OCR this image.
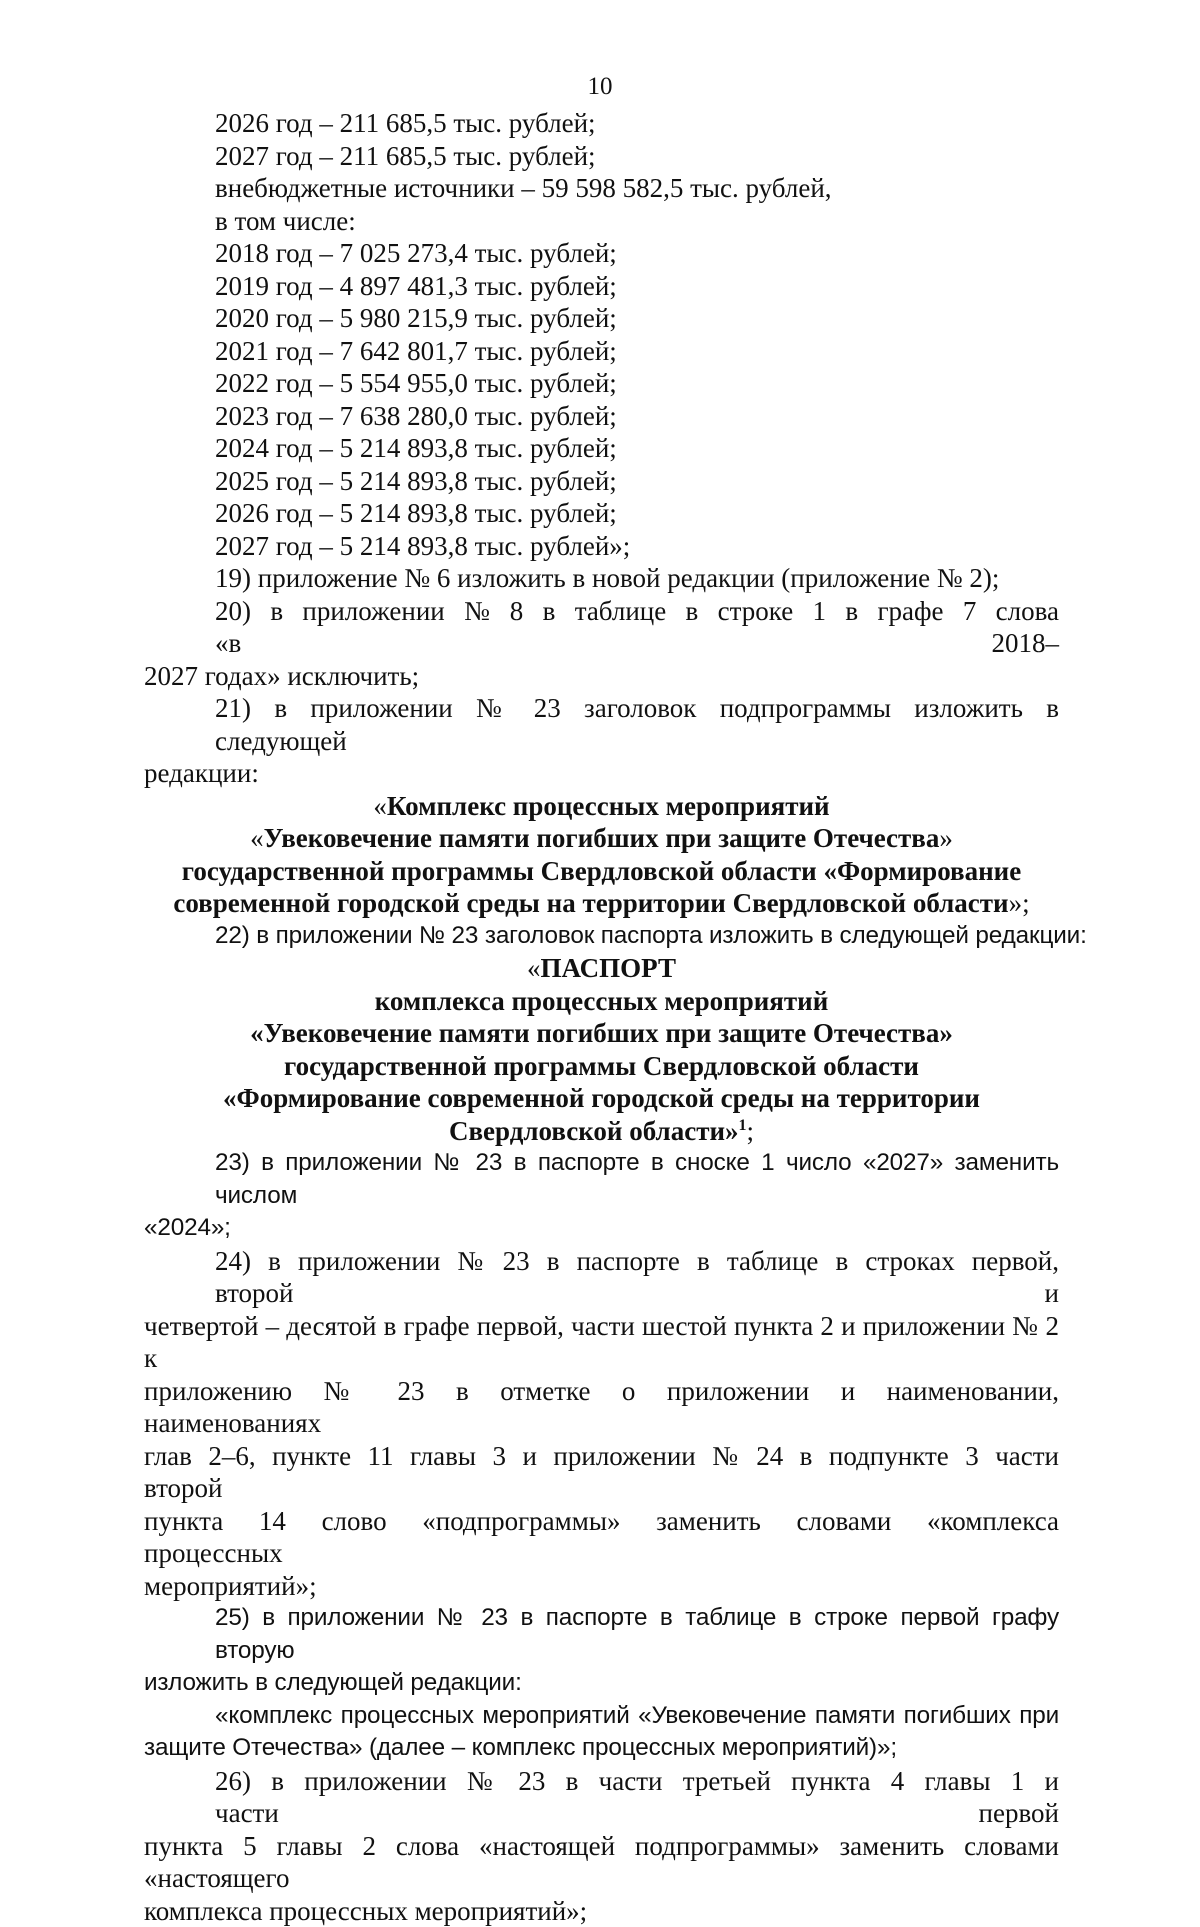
10
2026 год – 211 685,5 тыс. рублей;
2027 год – 211 685,5 тыс. рублей;
внебюджетные источники – 59 598 582,5 тыс. рублей,
в том числе:
2018 год – 7 025 273,4 тыс. рублей;
2019 год – 4 897 481,3 тыс. рублей;
2020 год – 5 980 215,9 тыс. рублей;
2021 год – 7 642 801,7 тыс. рублей;
2022 год – 5 554 955,0 тыс. рублей;
2023 год – 7 638 280,0 тыс. рублей;
2024 год – 5 214 893,8 тыс. рублей;
2025 год – 5 214 893,8 тыс. рублей;
2026 год – 5 214 893,8 тыс. рублей;
2027 год – 5 214 893,8 тыс. рублей»;
19) приложение № 6 изложить в новой редакции (приложение № 2);
20) в приложении № 8 в таблице в строке 1 в графе 7 слова «в 2018–
2027 годах» исключить;
21) в приложении № 23 заголовок подпрограммы изложить в следующей
редакции:
«Комплекс процессных мероприятий
«Увековечение памяти погибших при защите Отечества»
государственной программы Свердловской области «Формирование
современной городской среды на территории Свердловской области»;
22) в приложении № 23 заголовок паспорта изложить в следующей редакции:
«ПАСПОРТ
комплекса процессных мероприятий
«Увековечение памяти погибших при защите Отечества»
государственной программы Свердловской области
«Формирование современной городской среды на территории
Свердловской области»$^1$;
23) в приложении № 23 в паспорте в сноске 1 число «2027» заменить числом
«2024»;
24) в приложении № 23 в паспорте в таблице в строках первой, второй и
четвертой – десятой в графе первой, части шестой пункта 2 и приложении № 2 к
приложению № 23 в отметке о приложении и наименовании, наименованиях
глав 2–6, пункте 11 главы 3 и приложении № 24 в подпункте 3 части второй
пункта 14 слово «подпрограммы» заменить словами «комплекса процессных
мероприятий»;
25) в приложении № 23 в паспорте в таблице в строке первой графу вторую
изложить в следующей редакции:
«комплекс процессных мероприятий «Увековечение памяти погибших при
защите Отечества» (далее – комплекс процессных мероприятий)»;
26) в приложении № 23 в части третьей пункта 4 главы 1 и части первой
пункта 5 главы 2 слова «настоящей подпрограммы» заменить словами «настоящего
комплекса процессных мероприятий»;
